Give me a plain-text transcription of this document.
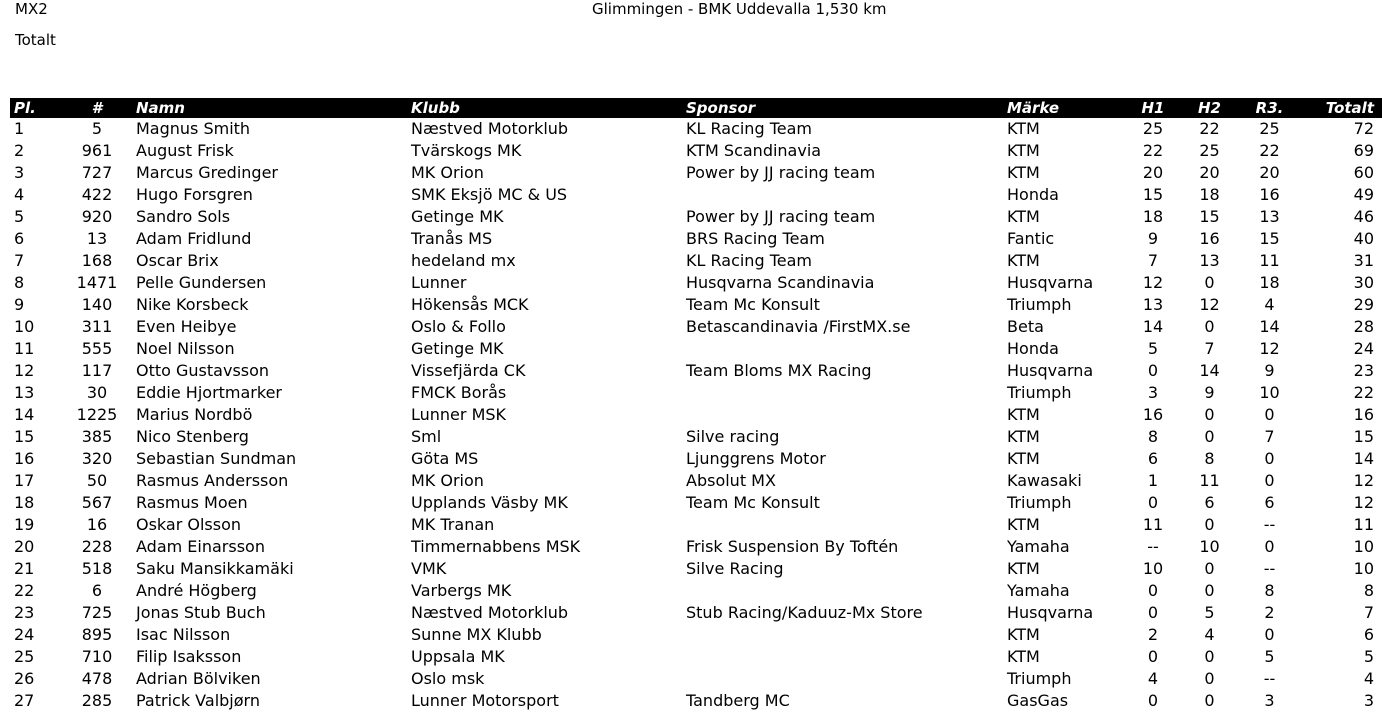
MX2	Glimmingen - BMK Uddevalla 1,530 km
Totalt
Pl.	#	Namn	Klubb	Sponsor	Märke	H1	H2	R3.	Totalt
1	5	Magnus Smith	Næstved Motorklub	KL Racing Team	KTM	25	22	25	72
2	961	August Frisk	Tvärskogs MK	KTM Scandinavia	KTM	22	25	22	69
3	727	Marcus Gredinger	MK Orion	Power by JJ racing team	KTM	20	20	20	60
4	422	Hugo Forsgren	SMK Eksjö MC & US		Honda	15	18	16	49
5	920	Sandro Sols	Getinge MK	Power by JJ racing team	KTM	18	15	13	46
6	13	Adam Fridlund	Tranås MS	BRS Racing Team	Fantic	9	16	15	40
7	168	Oscar Brix	hedeland mx	KL Racing Team	KTM	7	13	11	31
8	1471	Pelle Gundersen	Lunner	Husqvarna Scandinavia	Husqvarna	12	0	18	30
9	140	Nike Korsbeck	Hökensås MCK	Team Mc Konsult	Triumph	13	12	4	29
10	311	Even Heibye	Oslo & Follo	Betascandinavia /FirstMX.se	Beta	14	0	14	28
11	555	Noel Nilsson	Getinge MK		Honda	5	7	12	24
12	117	Otto Gustavsson	Vissefjärda CK	Team Bloms MX Racing	Husqvarna	0	14	9	23
13	30	Eddie Hjortmarker	FMCK Borås		Triumph	3	9	10	22
14	1225	Marius Nordbö	Lunner MSK		KTM	16	0	0	16
15	385	Nico Stenberg	Sml	Silve racing	KTM	8	0	7	15
16	320	Sebastian Sundman	Göta MS	Ljunggrens Motor	KTM	6	8	0	14
17	50	Rasmus Andersson	MK Orion	Absolut MX	Kawasaki	1	11	0	12
18	567	Rasmus Moen	Upplands Väsby MK	Team Mc Konsult	Triumph	0	6	6	12
19	16	Oskar Olsson	MK Tranan		KTM	11	0	--	11
20	228	Adam Einarsson	Timmernabbens MSK	Frisk Suspension By Toftén	Yamaha	--	10	0	10
21	518	Saku Mansikkamäki	VMK	Silve Racing	KTM	10	0	--	10
22	6	André Högberg	Varbergs MK		Yamaha	0	0	8	8
23	725	Jonas Stub Buch	Næstved Motorklub	Stub Racing/Kaduuz-Mx Store	Husqvarna	0	5	2	7
24	895	Isac Nilsson	Sunne MX Klubb		KTM	2	4	0	6
25	710	Filip Isaksson	Uppsala MK		KTM	0	0	5	5
26	478	Adrian Bölviken	Oslo msk		Triumph	4	0	--	4
27	285	Patrick Valbjørn	Lunner Motorsport	Tandberg MC	GasGas	0	0	3	3
